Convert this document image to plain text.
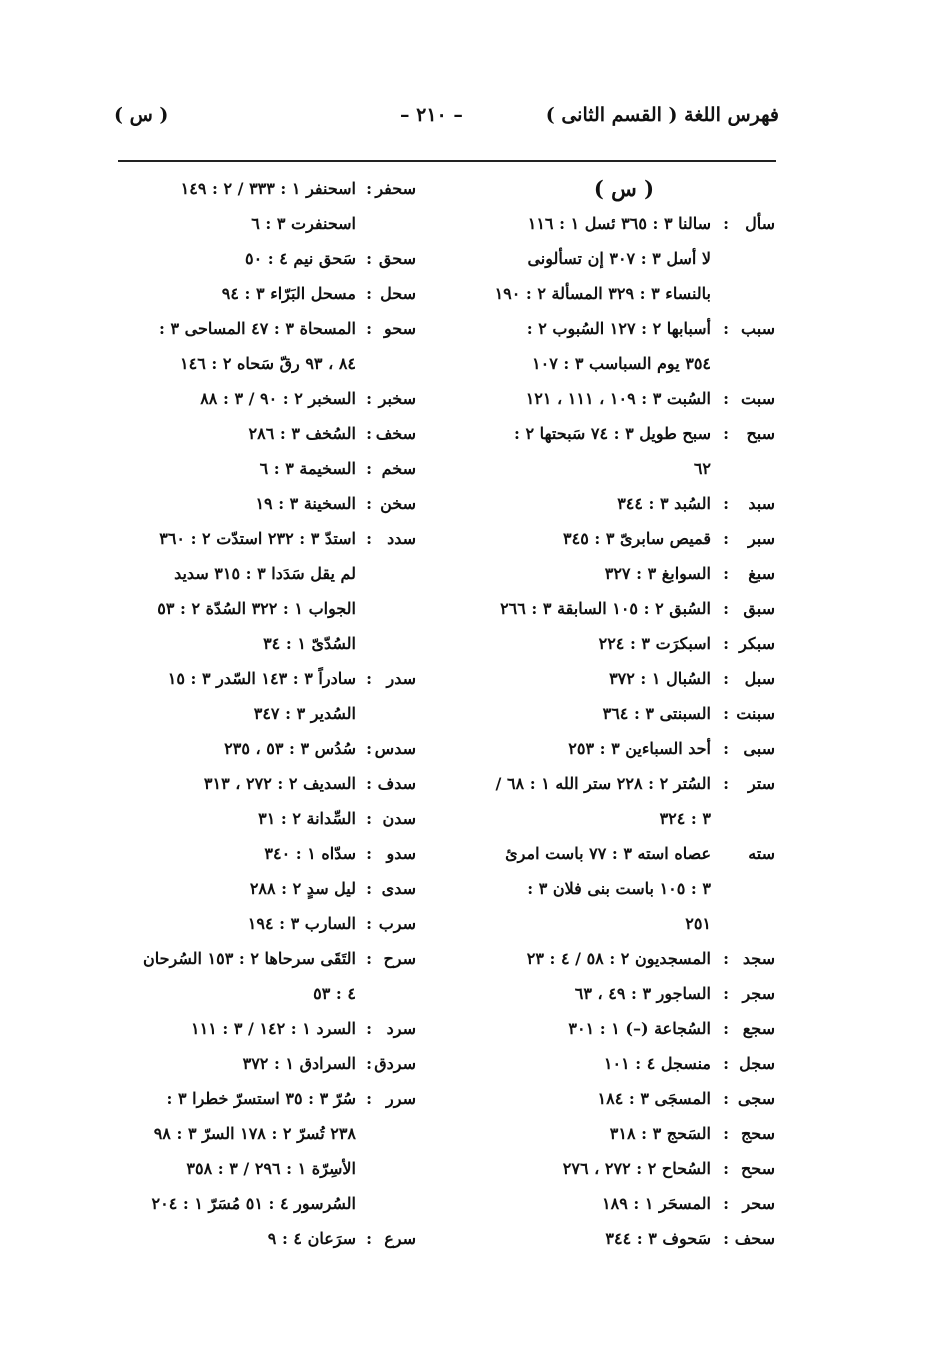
فهرس اللغة ( القسم الثانى )
– ٢١٠ –
( س )
( س )
سأل
:
سالنا ٣ : ٣٦٥ ئسل ١ : ١١٦
لا أسل ٣ : ٣٠٧ إن تسألونى
بالنساء ٣ : ٣٢٩ المسألة ٢ : ١٩٠
سبب
:
أسبابها ٢ : ١٢٧ السُبوب ٢ :
٣٥٤ يوم السباسب ٣ : ١٠٧
سبت
:
السُبت ٣ : ١٠٩ ، ١١١ ، ١٢١
سبح
:
سبح طويل ٣ : ٧٤ سَبحتها ٢ :
٦٢
سبد
:
السُبد ٣ : ٣٤٤
سبر
:
قميص سابرىّ ٣ : ٣٤٥
سبغ
:
السوابغ ٣ : ٣٢٧
سبق
:
السُبق ٢ : ١٠٥ السابقة ٣ : ٢٦٦
سبكر
:
اسبكرَت ٣ : ٢٢٤
سبل
:
السُبال ١ : ٣٧٢
سبنت
:
السبنتى ٣ : ٣٦٤
سبى
:
أحد السباءين ٣ : ٢٥٣
ستر
:
السُتر ٢ : ٢٢٨ ستر الله ١ : ٦٨ /
٣ : ٣٢٤
سته
عصاه استه ٣ : ٧٧ باست امرئ
٣ : ١٠٥ باست بنى فلان ٣ :
٢٥١
سجد
:
المسجديون ٢ : ٥٨ / ٤ : ٢٣
سجر
:
الساجور ٣ : ٤٩ ، ٦٣
سجع
:
السُجاعة (–) ١ : ٣٠١
سجل
:
منسجل ٤ : ١٠١
سجى
:
المسجَى ٣ : ١٨٤
سحج
:
السَحج ٣ : ٣١٨
سحح
:
السُحاح ٢ : ٢٧٢ ، ٢٧٦
سحر
:
المسحَر ١ : ١٨٩
سحف
:
سَحوف ٣ : ٣٤٤
سحفر
:
اسحنفر ١ : ٣٣٣ / ٢ : ١٤٩
اسحنفرت ٣ : ٦
سحق
:
سَحق نيم ٤ : ٥٠
سحل
:
مسحل البَرّاء ٣ : ٩٤
سحو
:
المسحاة ٣ : ٤٧ المساحى ٣ :
٨٤ ، ٩٣ رقّ سَحاه ٢ : ١٤٦
سخبر
:
السخبر ٢ : ٩٠ / ٣ : ٨٨
سخف
:
السُخف ٣ : ٢٨٦
سخم
:
السخيمة ٣ : ٦
سخن
:
السخينة ٣ : ١٩
سدد
:
استدّ ٣ : ٢٣٢ استدّت ٢ : ٣٦٠
لم يقل سَدَدا ٣ : ٣١٥ سديد
الجواب ١ : ٣٢٢ السُدّة ٢ : ٥٣
السُدّىّ ١ : ٣٤
سدر
:
سادراً ٣ : ١٤٣ السّدر ٣ : ١٥
السُدير ٣ : ٣٤٧
سدس
:
سُدُس ٣ : ٥٣ ، ٢٣٥
سدف
:
السديف ٢ : ٢٧٢ ، ٣١٣
سدن
:
السِّدانة ٢ : ٣١
سدو
:
سدّاه ١ : ٣٤٠
سدى
:
ليل سدٍ ٢ : ٢٨٨
سرب
:
السارب ٣ : ١٩٤
سرح
:
التَقَى سرحاها ٢ : ١٥٣ السُرحان
٤ : ٥٣
سرد
:
السرد ١ : ١٤٢ / ٣ : ١١١
سردق
:
السرادق ١ : ٣٧٢
سرر
:
سُرّ ٣ : ٣٥ استسرّ خطرا ٣ :
٢٣٨ تُسرّ ٢ : ١٧٨ السرّ ٣ : ٩٨
الأسِرّة ١ : ٢٩٦ / ٣ : ٣٥٨
السُرسور ٤ : ٥١ مُسَرّ ١ : ٢٠٤
سرع
:
سرَعان ٤ : ٩
